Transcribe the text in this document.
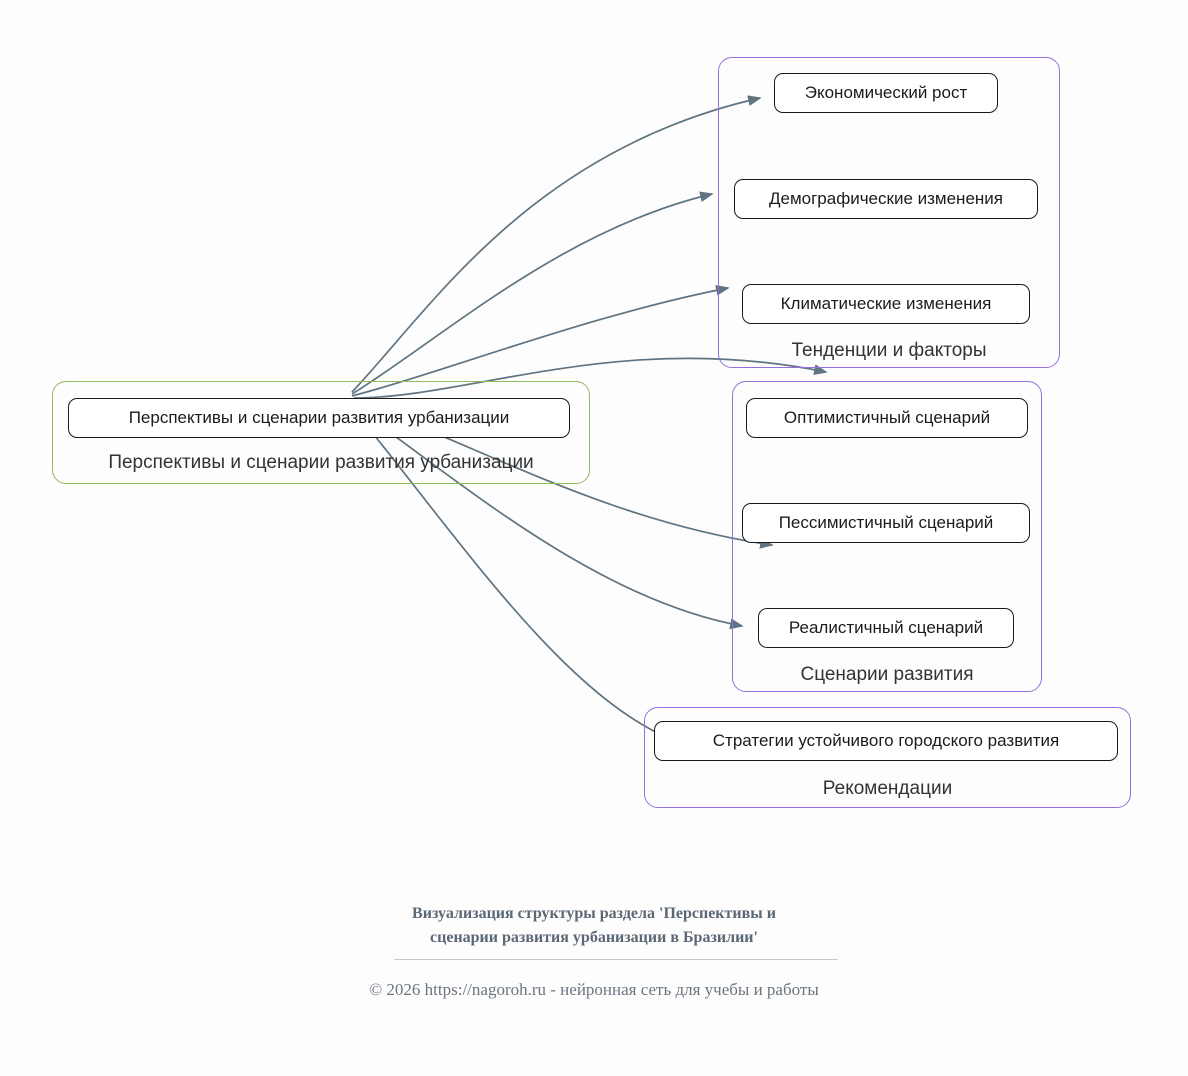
Перспективы и сценарии развития урбанизации
Перспективы и сценарии развития урбанизации
Экономический рост
Демографические изменения
Климатические изменения
Тенденции и факторы
Оптимистичный сценарий
Пессимистичный сценарий
Реалистичный сценарий
Сценарии развития
Стратегии устойчивого городского развития
Рекомендации
Визуализация структуры раздела 'Перспективы и
сценарии развития урбанизации в Бразилии'
© 2026 https://nagoroh.ru - нейронная сеть для учебы и работы
